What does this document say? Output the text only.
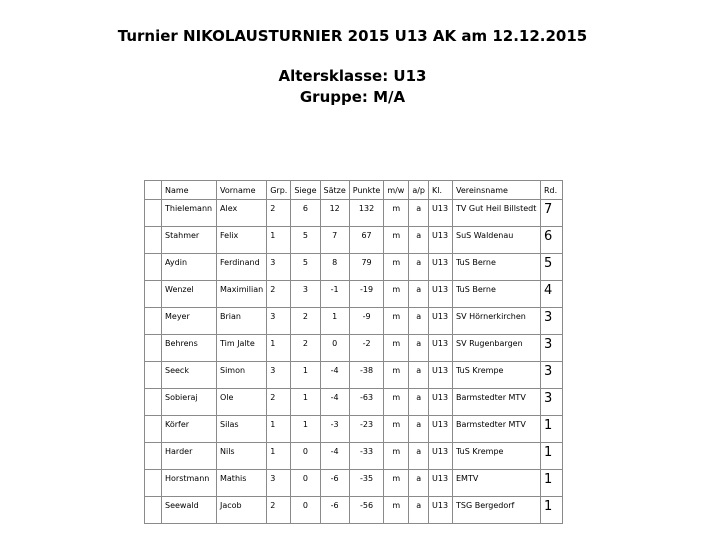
Turnier NIKOLAUSTURNIER 2015 U13 AK am 12.12.2015
Altersklasse: U13
Gruppe: M/A
	Name	Vorname	Grp.	Siege	Sätze	Punkte	m/w	a/p	Kl.	Vereinsname	Rd.
	Thielemann	Alex	2	6	12	132	m	a	U13	TV Gut Heil Billstedt	7
	Stahmer	Felix	1	5	7	67	m	a	U13	SuS Waldenau	6
	Aydin	Ferdinand	3	5	8	79	m	a	U13	TuS Berne	5
	Wenzel	Maximilian	2	3	-1	-19	m	a	U13	TuS Berne	4
	Meyer	Brian	3	2	1	-9	m	a	U13	SV Hörnerkirchen	3
	Behrens	Tim Jalte	1	2	0	-2	m	a	U13	SV Rugenbargen	3
	Seeck	Simon	3	1	-4	-38	m	a	U13	TuS Krempe	3
	Sobieraj	Ole	2	1	-4	-63	m	a	U13	Barmstedter MTV	3
	Körfer	Silas	1	1	-3	-23	m	a	U13	Barmstedter MTV	1
	Harder	Nils	1	0	-4	-33	m	a	U13	TuS Krempe	1
	Horstmann	Mathis	3	0	-6	-35	m	a	U13	EMTV	1
	Seewald	Jacob	2	0	-6	-56	m	a	U13	TSG Bergedorf	1
